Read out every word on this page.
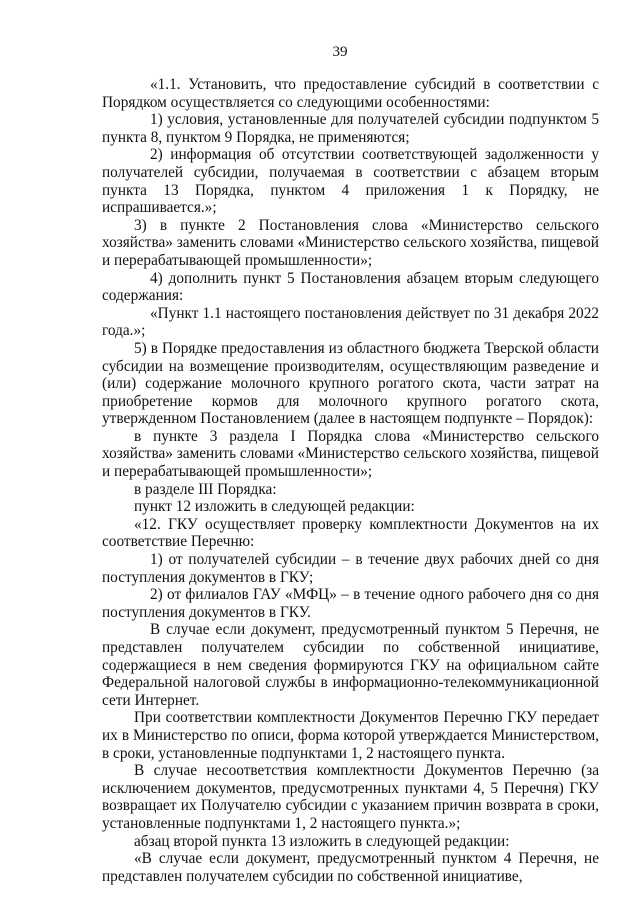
39

«1.1. Установить, что предоставление субсидий в соответствии с Порядком осуществляется со следующими особенностями:

1) условия, установленные для получателей субсидии подпунктом 5 пункта 8, пунктом 9 Порядка, не применяются;

2) информация об отсутствии соответствующей задолженности у получателей субсидии, получаемая в соответствии с абзацем вторым пункта 13 Порядка, пунктом 4 приложения 1 к Порядку, не испрашивается.»;

3) в пункте 2 Постановления слова «Министерство сельского хозяйства» заменить словами «Министерство сельского хозяйства, пищевой и перерабатывающей промышленности»;

4) дополнить пункт 5 Постановления абзацем вторым следующего содержания:

«Пункт 1.1 настоящего постановления действует по 31 декабря 2022 года.»;

5) в Порядке предоставления из областного бюджета Тверской области субсидии на возмещение производителям, осуществляющим разведение и (или) содержание молочного крупного рогатого скота, части затрат на приобретение кормов для молочного крупного рогатого скота, утвержденном Постановлением (далее в настоящем подпункте – Порядок):

в пункте 3 раздела I Порядка слова «Министерство сельского хозяйства» заменить словами «Министерство сельского хозяйства, пищевой и перерабатывающей промышленности»;

в разделе III Порядка:

пункт 12 изложить в следующей редакции:

«12. ГКУ осуществляет проверку комплектности Документов на их соответствие Перечню:

1) от получателей субсидии – в течение двух рабочих дней со дня поступления документов в ГКУ;

2) от филиалов ГАУ «МФЦ» – в течение одного рабочего дня со дня поступления документов в ГКУ.

В случае если документ, предусмотренный пунктом 5 Перечня, не представлен получателем субсидии по собственной инициативе, содержащиеся в нем сведения формируются ГКУ на официальном сайте Федеральной налоговой службы в информационно-телекоммуникационной сети Интернет.

При соответствии комплектности Документов Перечню ГКУ передает их в Министерство по описи, форма которой утверждается Министерством, в сроки, установленные подпунктами 1, 2 настоящего пункта.

В случае несоответствия комплектности Документов Перечню (за исключением документов, предусмотренных пунктами 4, 5 Перечня) ГКУ возвращает их Получателю субсидии с указанием причин возврата в сроки, установленные подпунктами 1, 2 настоящего пункта.»;

абзац второй пункта 13 изложить в следующей редакции:

«В случае если документ, предусмотренный пунктом 4 Перечня, не представлен получателем субсидии по собственной инициативе,
